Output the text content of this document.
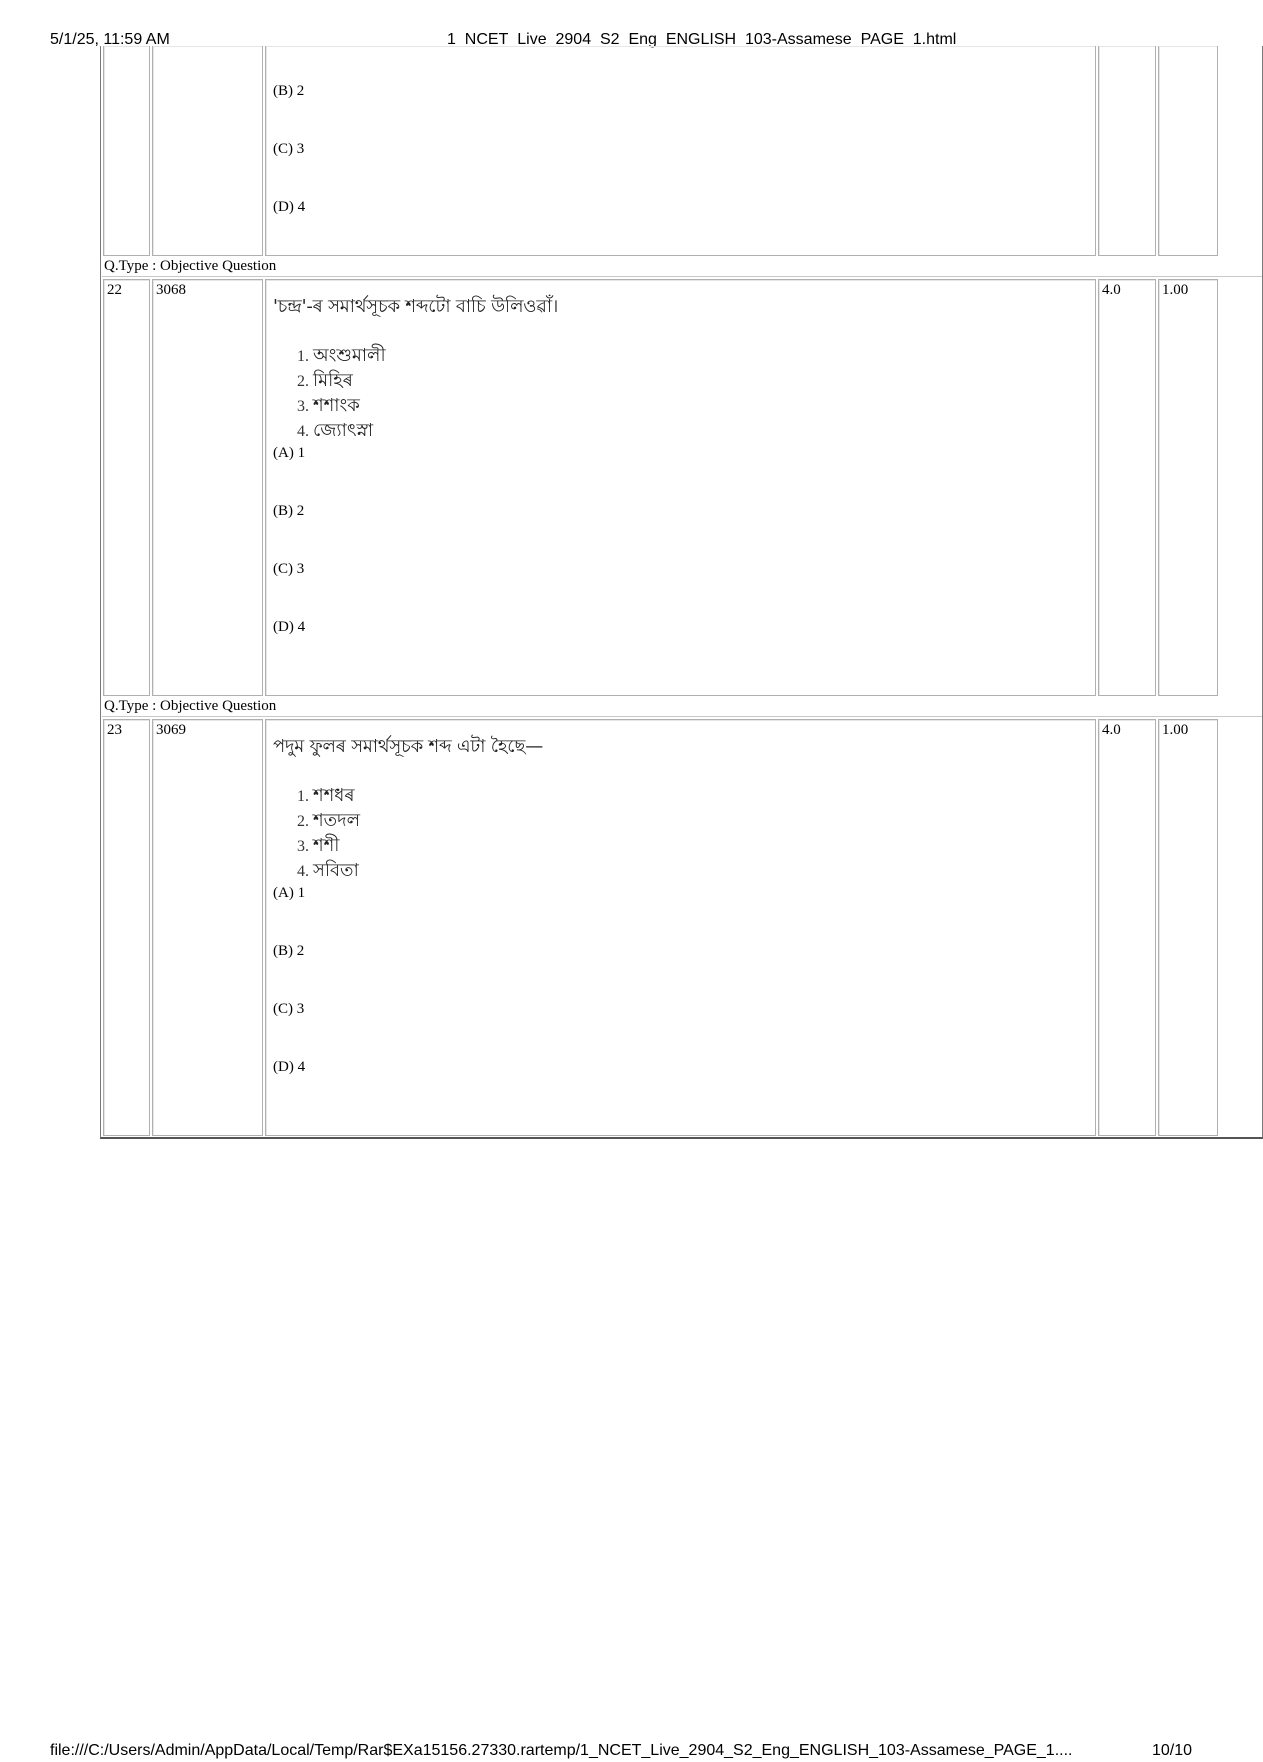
5/1/25, 11:59 AM	1_NCET_Live_2904_S2_Eng_ENGLISH_103-Assamese_PAGE_1.html
(B) 2
(C) 3
(D) 4
Q.Type : Objective Question
22	3068
'চন্দ্ৰ'-ৰ সমাৰ্থসূচক শব্দটো বাচি উলিওৱাঁ।
1. অংশুমালী
2. মিহিৰ
3. শশাংক
4. জ্যোৎস্না
(A) 1
(B) 2
(C) 3
(D) 4
4.0	1.00
Q.Type : Objective Question
23	3069
পদুম ফুলৰ সমাৰ্থসূচক শব্দ এটা হৈছে—
1. শশধৰ
2. শতদল
3. শশী
4. সবিতা
(A) 1
(B) 2
(C) 3
(D) 4
4.0	1.00
file:///C:/Users/Admin/AppData/Local/Temp/Rar$EXa15156.27330.rartemp/1_NCET_Live_2904_S2_Eng_ENGLISH_103-Assamese_PAGE_1....	10/10
